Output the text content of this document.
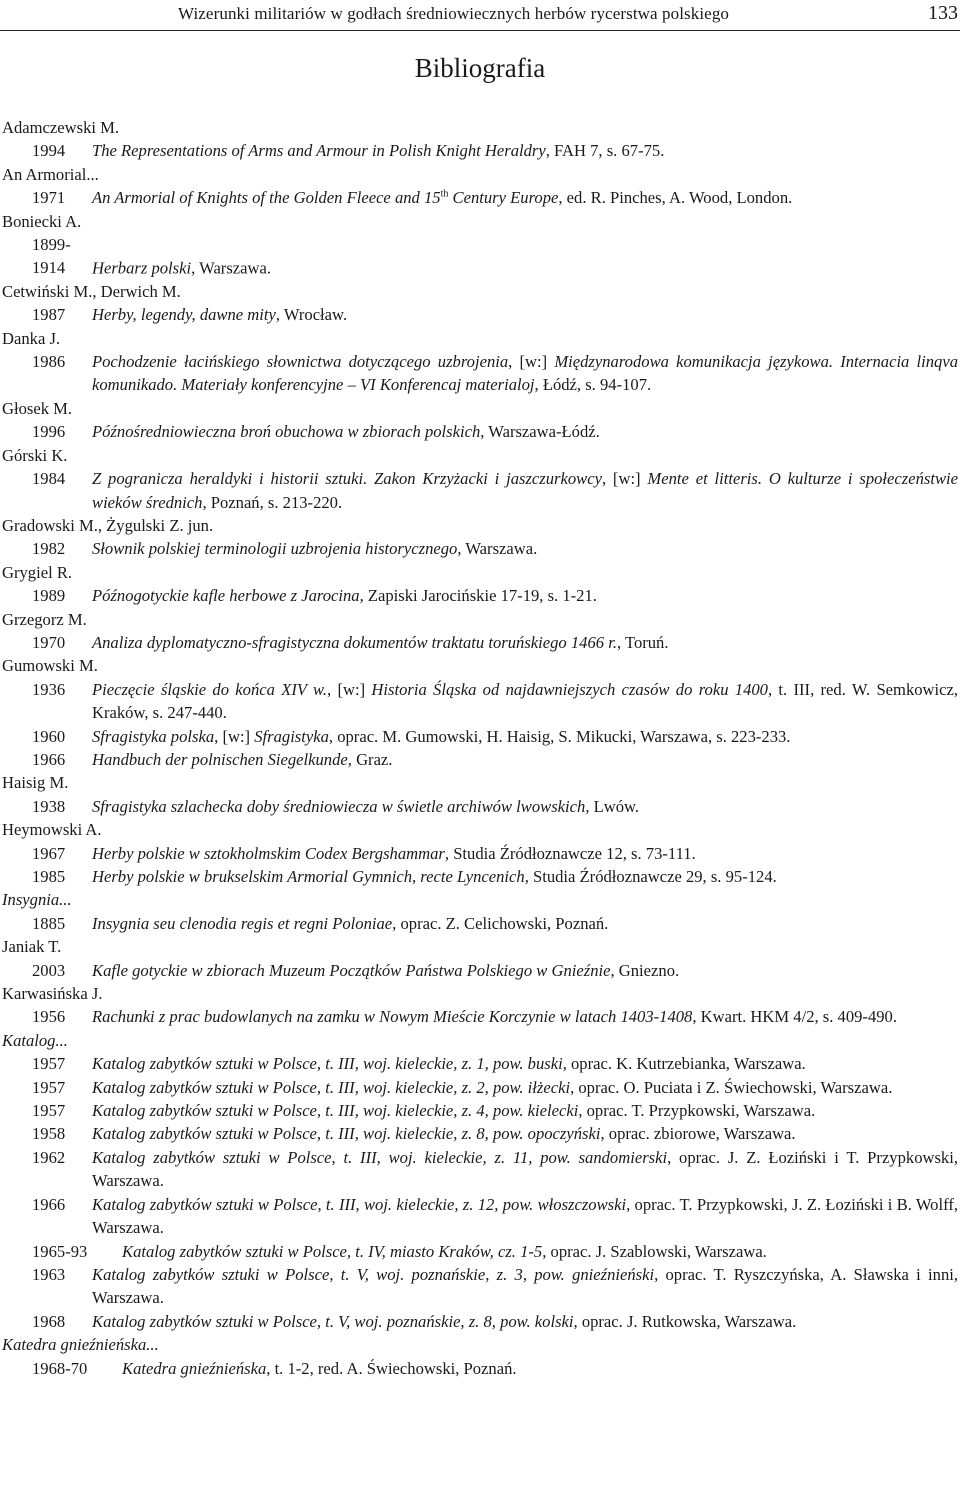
Wizerunki militariów w godłach średniowiecznych herbów rycerstwa polskiego	133
Bibliografia
Adamczewski M.
1994 The Representations of Arms and Armour in Polish Knight Heraldry, FAH 7, s. 67-75.
An Armorial...
1971 An Armorial of Knights of the Golden Fleece and 15th Century Europe, ed. R. Pinches, A. Wood, London.
Boniecki A.
1899-1914 Herbarz polski, Warszawa.
Cetwiński M., Derwich M.
1987 Herby, legendy, dawne mity, Wrocław.
Danka J.
1986 Pochodzenie łacińskiego słownictwa dotyczącego uzbrojenia, [w:] Międzynarodowa komunikacja językowa. Internacia linqva komunikado. Materiały konferencyjne – VI Konferencaj materialoj, Łódź, s. 94-107.
Głosek M.
1996 Późnośredniowieczna broń obuchowa w zbiorach polskich, Warszawa-Łódź.
Górski K.
1984 Z pogranicza heraldyki i historii sztuki. Zakon Krzyżacki i jaszczurkowcy, [w:] Mente et litteris. O kulturze i społeczeństwie wieków średnich, Poznań, s. 213-220.
Gradowski M., Żygulski Z. jun.
1982 Słownik polskiej terminologii uzbrojenia historycznego, Warszawa.
Grygiel R.
1989 Późnogotyckie kafle herbowe z Jarocina, Zapiski Jarocińskie 17-19, s. 1-21.
Grzegorz M.
1970 Analiza dyplomatyczno-sfragistyczna dokumentów traktatu toruńskiego 1466 r., Toruń.
Gumowski M.
1936 Pieczęcie śląskie do końca XIV w., [w:] Historia Śląska od najdawniejszych czasów do roku 1400, t. III, red. W. Semkowicz, Kraków, s. 247-440.
1960 Sfragistyka polska, [w:] Sfragistyka, oprac. M. Gumowski, H. Haisig, S. Mikucki, Warszawa, s. 223-233.
1966 Handbuch der polnischen Siegelkunde, Graz.
Haisig M.
1938 Sfragistyka szlachecka doby średniowiecza w świetle archiwów lwowskich, Lwów.
Heymowski A.
1967 Herby polskie w sztokholmskim Codex Bergshammar, Studia Źródłoznawcze 12, s. 73-111.
1985 Herby polskie w brukselskim Armorial Gymnich, recte Lyncenich, Studia Źródłoznawcze 29, s. 95-124.
Insygnia...
1885 Insygnia seu clenodia regis et regni Poloniae, oprac. Z. Celichowski, Poznań.
Janiak T.
2003 Kafle gotyckie w zbiorach Muzeum Początków Państwa Polskiego w Gnieźnie, Gniezno.
Karwasińska J.
1956 Rachunki z prac budowlanych na zamku w Nowym Mieście Korczynie w latach 1403-1408, Kwart. HKM 4/2, s. 409-490.
Katalog...
1957 Katalog zabytków sztuki w Polsce, t. III, woj. kieleckie, z. 1, pow. buski, oprac. K. Kutrzebianka, Warszawa.
1957 Katalog zabytków sztuki w Polsce, t. III, woj. kieleckie, z. 2, pow. iłżecki, oprac. O. Puciata i Z. Świechowski, Warszawa.
1957 Katalog zabytków sztuki w Polsce, t. III, woj. kieleckie, z. 4, pow. kielecki, oprac. T. Przypkowski, Warszawa.
1958 Katalog zabytków sztuki w Polsce, t. III, woj. kieleckie, z. 8, pow. opoczyński, oprac. zbiorowe, Warszawa.
1962 Katalog zabytków sztuki w Polsce, t. III, woj. kieleckie, z. 11, pow. sandomierski, oprac. J. Z. Łoziński i T. Przypkowski, Warszawa.
1966 Katalog zabytków sztuki w Polsce, t. III, woj. kieleckie, z. 12, pow. włoszczowski, oprac. T. Przypkowski, J. Z. Łoziński i B. Wolff, Warszawa.
1965-93 Katalog zabytków sztuki w Polsce, t. IV, miasto Kraków, cz. 1-5, oprac. J. Szablowski, Warszawa.
1963 Katalog zabytków sztuki w Polsce, t. V, woj. poznańskie, z. 3, pow. gnieźnieński, oprac. T. Ryszczyńska, A. Sławska i inni, Warszawa.
1968 Katalog zabytków sztuki w Polsce, t. V, woj. poznańskie, z. 8, pow. kolski, oprac. J. Rutkowska, Warszawa.
Katedra gnieźnieńska...
1968-70 Katedra gnieźnieńska, t. 1-2, red. A. Świechowski, Poznań.
